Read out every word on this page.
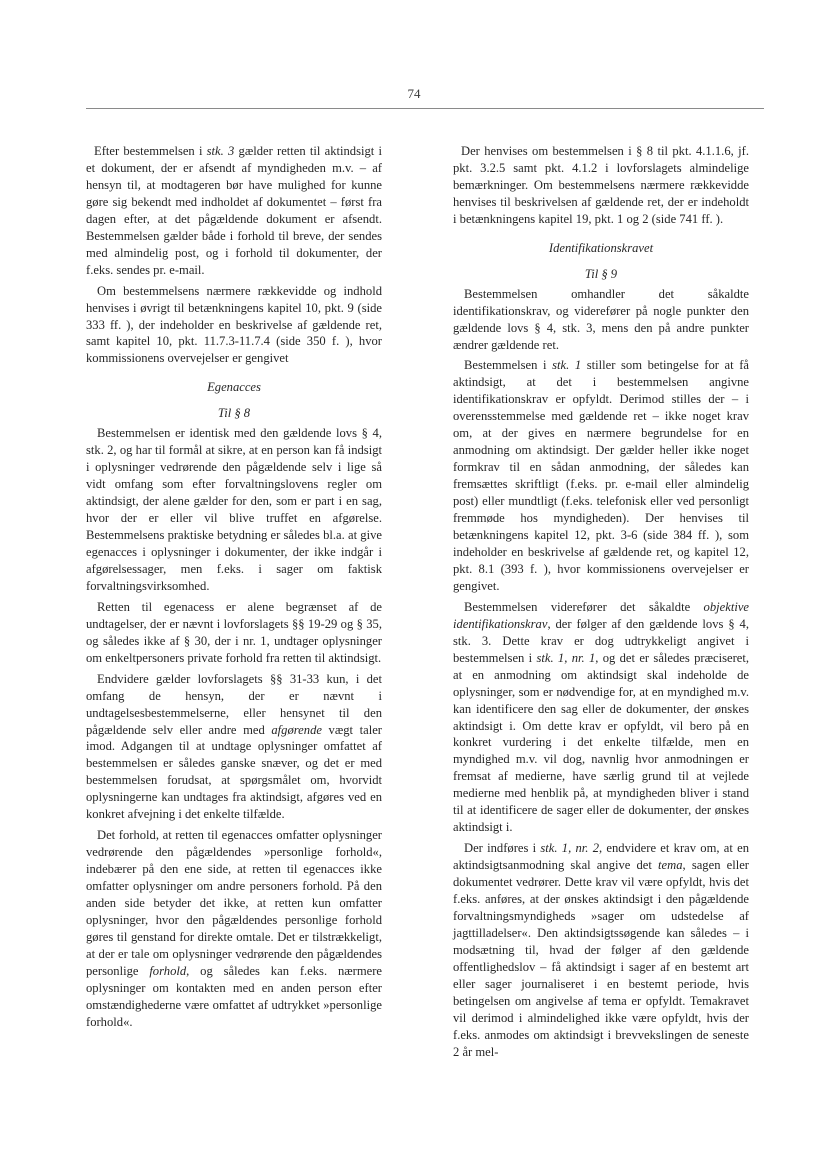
74

Efter bestemmelsen i stk. 3 gælder retten til aktindsigt i et dokument, der er afsendt af myndigheden m.v. – af hensyn til, at modtageren bør have mulighed for kunne gøre sig bekendt med indholdet af dokumentet – først fra dagen efter, at det pågældende dokument er afsendt. Bestemmelsen gælder både i forhold til breve, der sendes med almindelig post, og i forhold til dokumenter, der f.eks. sendes pr. e-mail.

Om bestemmelsens nærmere rækkevidde og indhold henvises i øvrigt til betænkningens kapitel 10, pkt. 9 (side 333 ff. ), der indeholder en beskrivelse af gældende ret, samt kapitel 10, pkt. 11.7.3-11.7.4 (side 350 f. ), hvor kommissionens overvejelser er gengivet

Egenacces
Til § 8

Bestemmelsen er identisk med den gældende lovs § 4, stk. 2, og har til formål at sikre, at en person kan få indsigt i oplysninger vedrørende den pågældende selv i lige så vidt omfang som efter forvaltningslovens regler om aktindsigt, der alene gælder for den, som er part i en sag, hvor der er eller vil blive truffet en afgørelse. Bestemmelsens praktiske betydning er således bl.a. at give egenacces i oplysninger i dokumenter, der ikke indgår i afgørelsessager, men f.eks. i sager om faktisk forvaltningsvirksomhed.

Retten til egenacess er alene begrænset af de undtagelser, der er nævnt i lovforslagets §§ 19-29 og § 35, og således ikke af § 30, der i nr. 1, undtager oplysninger om enkeltpersoners private forhold fra retten til aktindsigt.

Endvidere gælder lovforslagets §§ 31-33 kun, i det omfang de hensyn, der er nævnt i undtagelsesbestemmelserne, eller hensynet til den pågældende selv eller andre med afgørende vægt taler imod. Adgangen til at undtage oplysninger omfattet af bestemmelsen er således ganske snæver, og det er med bestemmelsen forudsat, at spørgsmålet om, hvorvidt oplysningerne kan undtages fra aktindsigt, afgøres ved en konkret afvejning i det enkelte tilfælde.

Det forhold, at retten til egenacces omfatter oplysninger vedrørende den pågældendes »personlige forhold«, indebærer på den ene side, at retten til egenacces ikke omfatter oplysninger om andre personers forhold. På den anden side betyder det ikke, at retten kun omfatter oplysninger, hvor den pågældendes personlige forhold gøres til genstand for direkte omtale. Det er tilstrækkeligt, at der er tale om oplysninger vedrørende den pågældendes personlige forhold, og således kan f.eks. nærmere oplysninger om kontakten med en anden person efter omstændighederne være omfattet af udtrykket »personlige forhold«.

Der henvises om bestemmelsen i § 8 til pkt. 4.1.1.6, jf. pkt. 3.2.5 samt pkt. 4.1.2 i lovforslagets almindelige bemærkninger. Om bestemmelsens nærmere rækkevidde henvises til beskrivelsen af gældende ret, der er indeholdt i betænkningens kapitel 19, pkt. 1 og 2 (side 741 ff. ).

Identifikationskravet
Til § 9

Bestemmelsen omhandler det såkaldte identifikationskrav, og viderefører på nogle punkter den gældende lovs § 4, stk. 3, mens den på andre punkter ændrer gældende ret.

Bestemmelsen i stk. 1 stiller som betingelse for at få aktindsigt, at det i bestemmelsen angivne identifikationskrav er opfyldt. Derimod stilles der – i overensstemmelse med gældende ret – ikke noget krav om, at der gives en nærmere begrundelse for en anmodning om aktindsigt. Der gælder heller ikke noget formkrav til en sådan anmodning, der således kan fremsættes skriftligt (f.eks. pr. e-mail eller almindelig post) eller mundtligt (f.eks. telefonisk eller ved personligt fremmøde hos myndigheden). Der henvises til betænkningens kapitel 12, pkt. 3-6 (side 384 ff. ), som indeholder en beskrivelse af gældende ret, og kapitel 12, pkt. 8.1 (393 f. ), hvor kommissionens overvejelser er gengivet.

Bestemmelsen viderefører det såkaldte objektive identifikationskrav, der følger af den gældende lovs § 4, stk. 3. Dette krav er dog udtrykkeligt angivet i bestemmelsen i stk. 1, nr. 1, og det er således præciseret, at en anmodning om aktindsigt skal indeholde de oplysninger, som er nødvendige for, at en myndighed m.v. kan identificere den sag eller de dokumenter, der ønskes aktindsigt i. Om dette krav er opfyldt, vil bero på en konkret vurdering i det enkelte tilfælde, men en myndighed m.v. vil dog, navnlig hvor anmodningen er fremsat af medierne, have særlig grund til at vejlede medierne med henblik på, at myndigheden bliver i stand til at identificere de sager eller de dokumenter, der ønskes aktindsigt i.

Der indføres i stk. 1, nr. 2, endvidere et krav om, at en aktindsigtsanmodning skal angive det tema, sagen eller dokumentet vedrører. Dette krav vil være opfyldt, hvis det f.eks. anføres, at der ønskes aktindsigt i den pågældende forvaltningsmyndigheds »sager om udstedelse af jagttilladelser«. Den aktindsigtssøgende kan således – i modsætning til, hvad der følger af den gældende offentlighedslov – få aktindsigt i sager af en bestemt art eller sager journaliseret i en bestemt periode, hvis betingelsen om angivelse af tema er opfyldt. Temakravet vil derimod i almindelighed ikke være opfyldt, hvis der f.eks. anmodes om aktindsigt i brevvekslingen de seneste 2 år mel-
